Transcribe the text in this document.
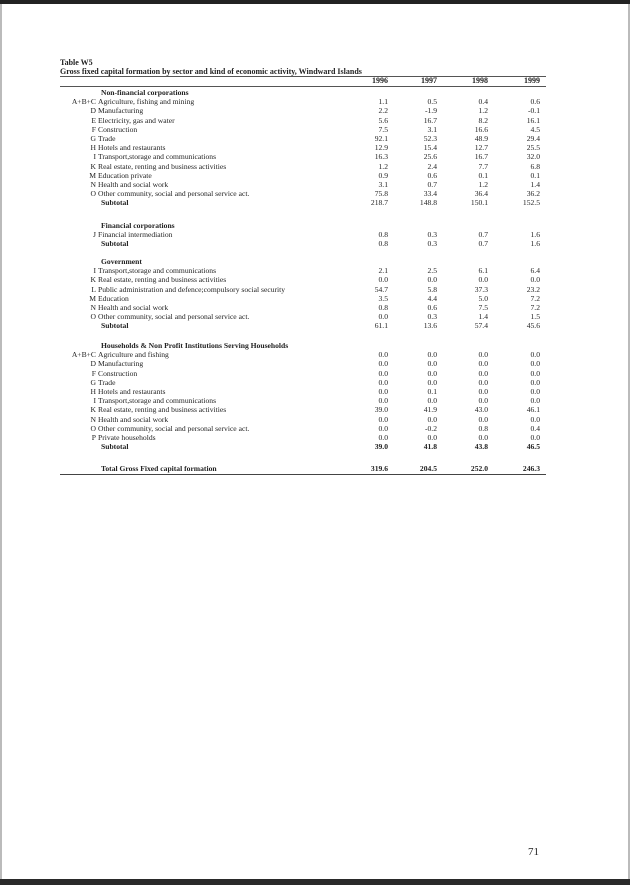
Table W5
Gross fixed capital formation by sector and kind of economic activity, Windward Islands
1996	1997	1998	1999
Non-financial corporations
A+B+C Agriculture, fishing and mining	1.1	0.5	0.4	0.6
D Manufacturing	2.2	-1.9	1.2	-0.1
E Electricity, gas and water	5.6	16.7	8.2	16.1
F Construction	7.5	3.1	16.6	4.5
G Trade	92.1	52.3	48.9	29.4
H Hotels and restaurants	12.9	15.4	12.7	25.5
I Transport,storage and communications	16.3	25.6	16.7	32.0
K Real estate, renting and business activities	1.2	2.4	7.7	6.8
M Education private	0.9	0.6	0.1	0.1
N Health and social work	3.1	0.7	1.2	1.4
O Other community, social and personal service act.	75.8	33.4	36.4	36.2
Subtotal	218.7	148.8	150.1	152.5
Financial corporations
J Financial intermediation	0.8	0.3	0.7	1.6
Subtotal	0.8	0.3	0.7	1.6
Government
I Transport,storage and communications	2.1	2.5	6.1	6.4
K Real estate, renting and business activities	0.0	0.0	0.0	0.0
L Public administration and defence;compulsory social security	54.7	5.8	37.3	23.2
M Education	3.5	4.4	5.0	7.2
N Health and social work	0.8	0.6	7.5	7.2
O Other community, social and personal service act.	0.0	0.3	1.4	1.5
Subtotal	61.1	13.6	57.4	45.6
Households & Non Profit Institutions Serving Households
A+B+C Agriculture and fishing	0.0	0.0	0.0	0.0
D Manufacturing	0.0	0.0	0.0	0.0
F Construction	0.0	0.0	0.0	0.0
G Trade	0.0	0.0	0.0	0.0
H Hotels and restaurants	0.0	0.1	0.0	0.0
I Transport,storage and communications	0.0	0.0	0.0	0.0
K Real estate, renting and business activities	39.0	41.9	43.0	46.1
N Health and social work	0.0	0.0	0.0	0.0
O Other community, social and personal service act.	0.0	-0.2	0.8	0.4
P Private households	0.0	0.0	0.0	0.0
Subtotal	39.0	41.8	43.8	46.5
Total Gross Fixed capital formation	319.6	204.5	252.0	246.3
71
